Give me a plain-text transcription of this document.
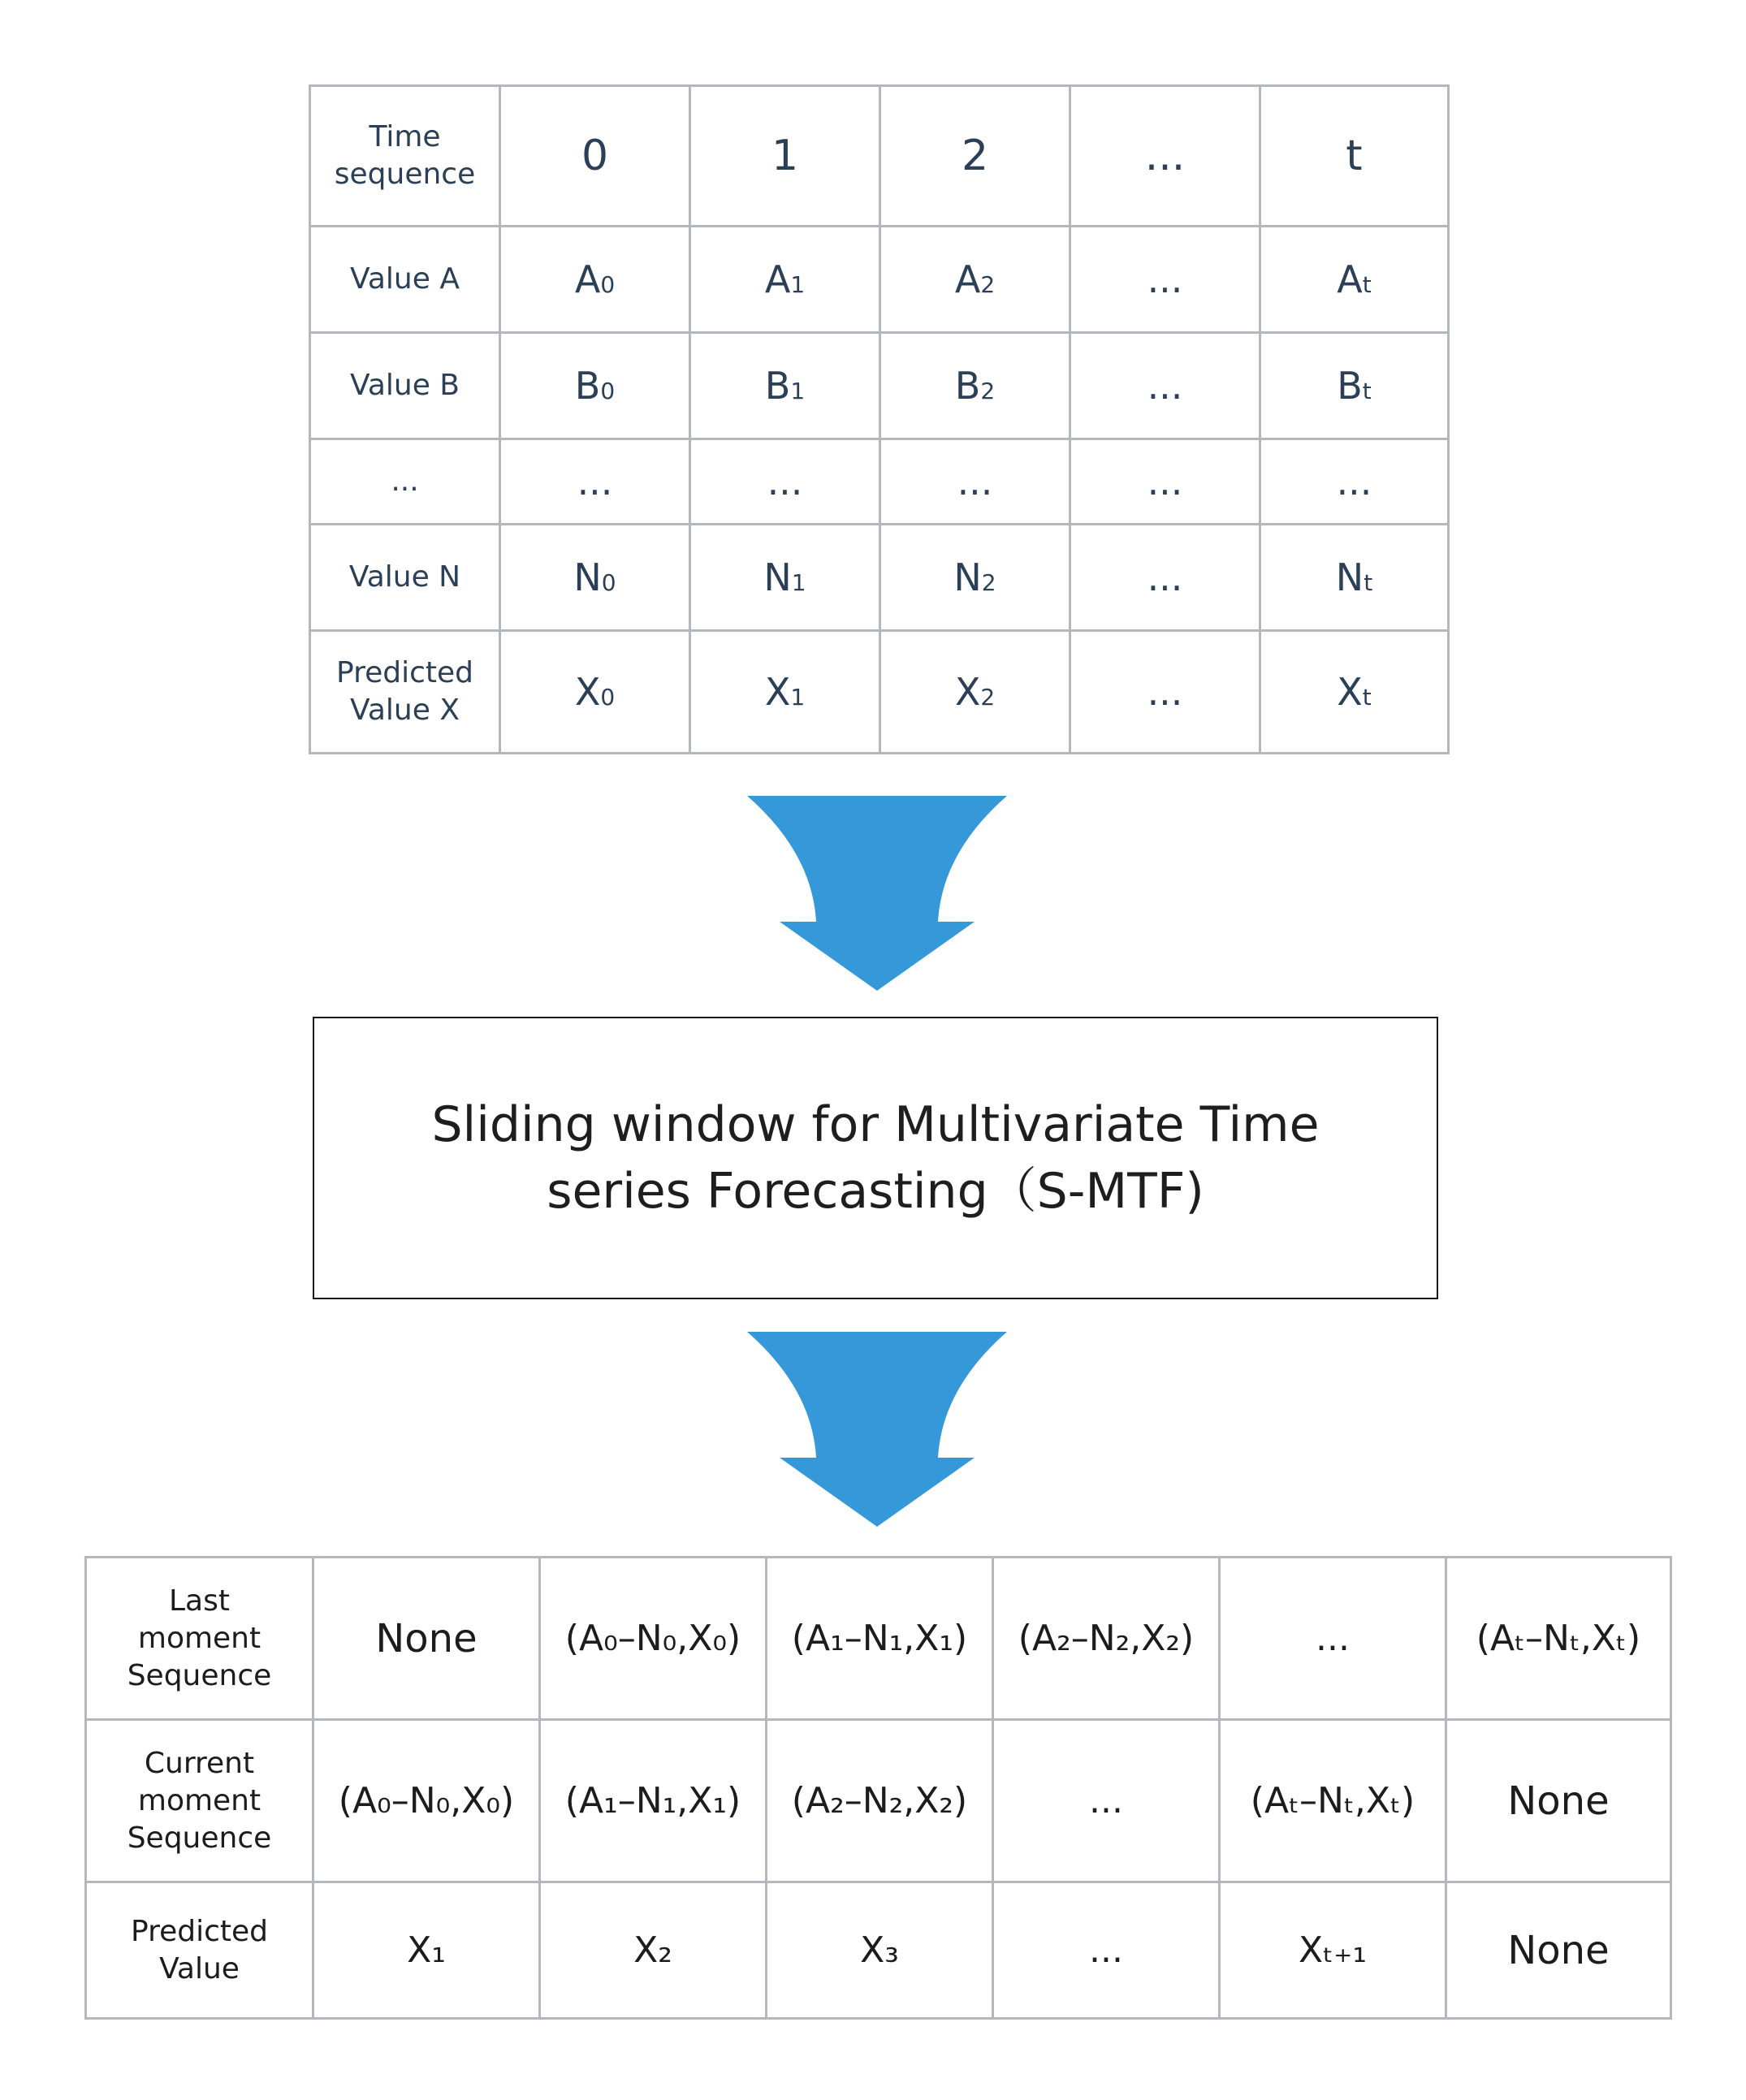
Time
sequence	0	1	2	...	t
Value A	A0	A1	A2	...	At
Value B	B0	B1	B2	...	Bt
...	...	...	...	...	...
Value N	N0	N1	N2	...	Nt
Predicted
Value X	X0	X1	X2	...	Xt
Sliding window for Multivariate Time
series Forecasting（S-MTF)
Last
moment
Sequence	None	(A₀–N₀,X₀)	(A₁–N₁,X₁)	(A₂–N₂,X₂)	...	(Aₜ–Nₜ,Xₜ)
Current
moment
Sequence	(A₀–N₀,X₀)	(A₁–N₁,X₁)	(A₂–N₂,X₂)	...	(Aₜ–Nₜ,Xₜ)	None
Predicted
Value	X₁	X₂	X₃	...	Xₜ₊₁	None
